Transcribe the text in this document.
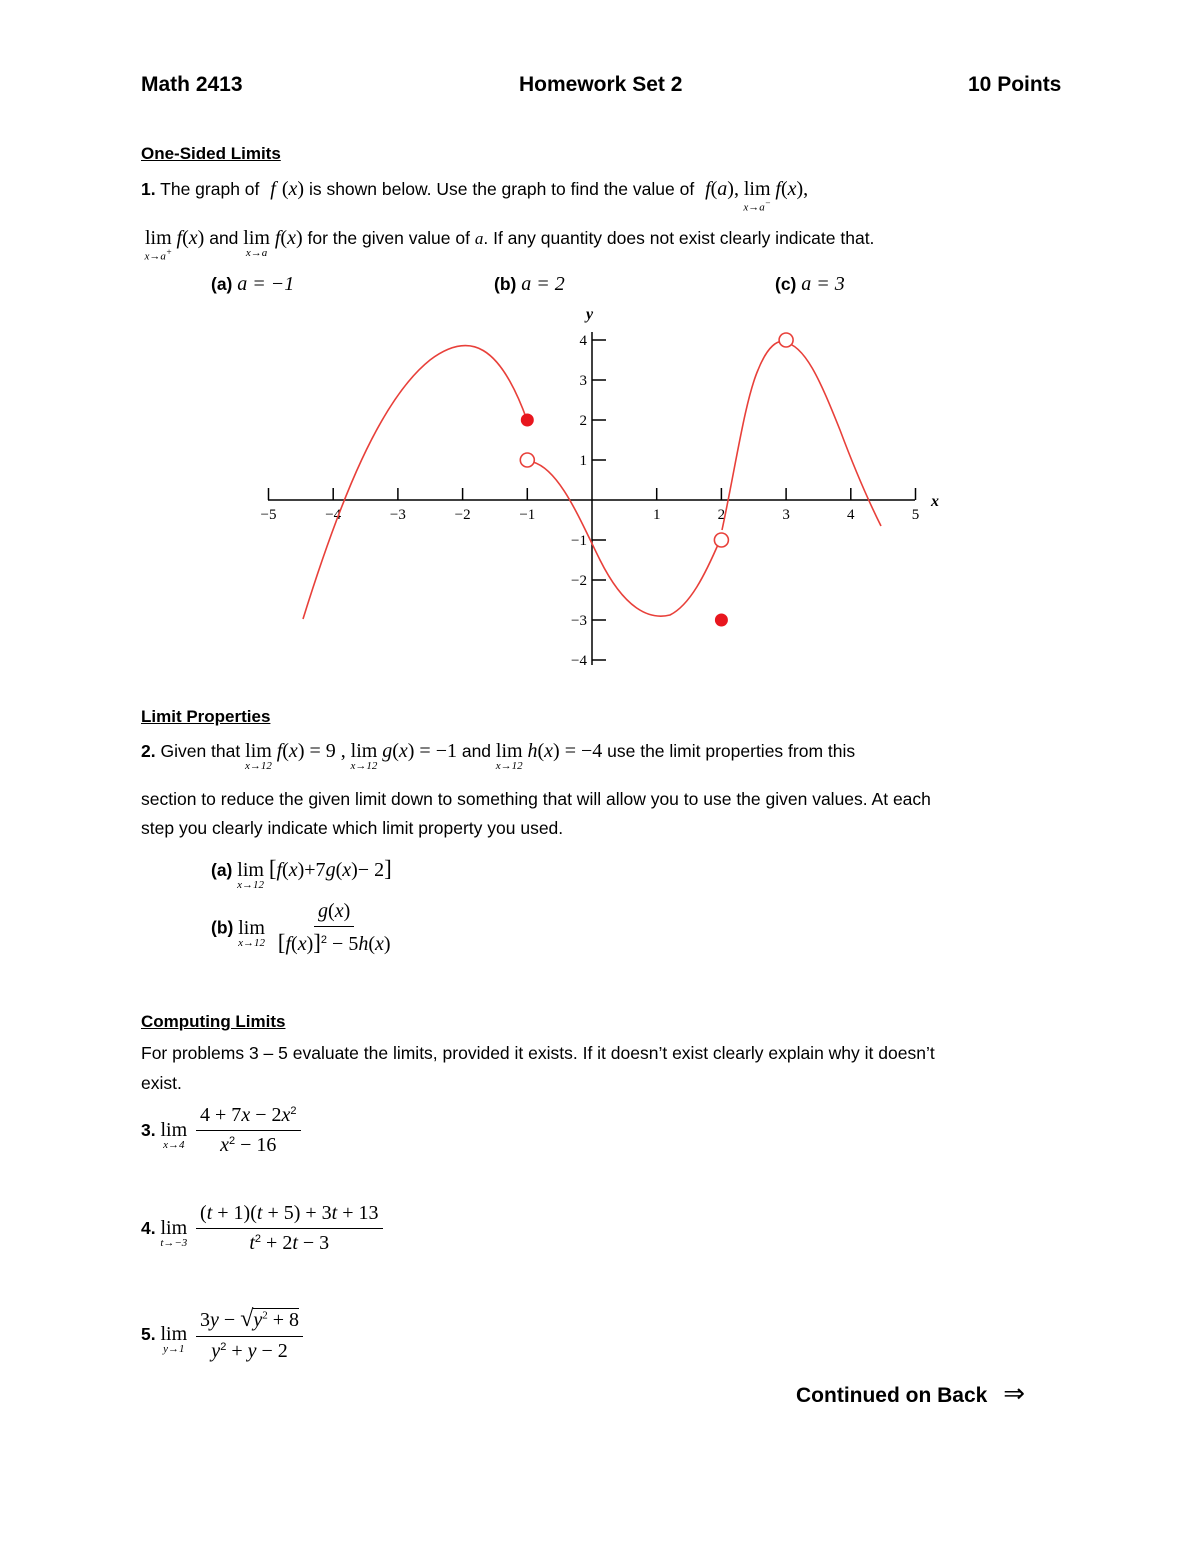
Math 2413	Homework Set 2	10 Points
One-Sided Limits
1. The graph of f (x) is shown below. Use the graph to find the value of f(a), lim
x→a−
f(x),
lim
x→a+
f(x) and lim
x→a
f(x) for the given value of a. If any quantity does not exist clearly indicate that.
(a) a = −1	(b) a = 2	(c) a = 3
x
y
−5	−4	−3	−2	−1	1	2	3	4	5
4
3
2
1
−1
−2
−3
−4
Limit Properties
2. Given that lim
x→12
f(x) = 9 , lim
x→12
g(x) = −1 and lim
x→12
h(x) = −4 use the limit properties from this
section to reduce the given limit down to something that will allow you to use the given values. At each
step you clearly indicate which limit property you used.
(a) lim
x→12
[f(x)+7g(x)− 2]
(b) lim
x→12
$\frac{g(x)}{[f(x)]^2 - 5h(x)}$
Computing Limits
For problems 3 – 5 evaluate the limits, provided it exists. If it doesn’t exist clearly explain why it doesn’t
exist.
3. lim
x→4
$\frac{4 + 7x - 2x^2}{x^2 - 16}$
4. lim
t→−3
$\frac{(t + 1)(t + 5) + 3t + 13}{t^2 + 2t - 3}$
5. lim
y→1
$\frac{3y - √y^2 + 8}{y^2 + y - 2}$
Continued on Back ⇒
